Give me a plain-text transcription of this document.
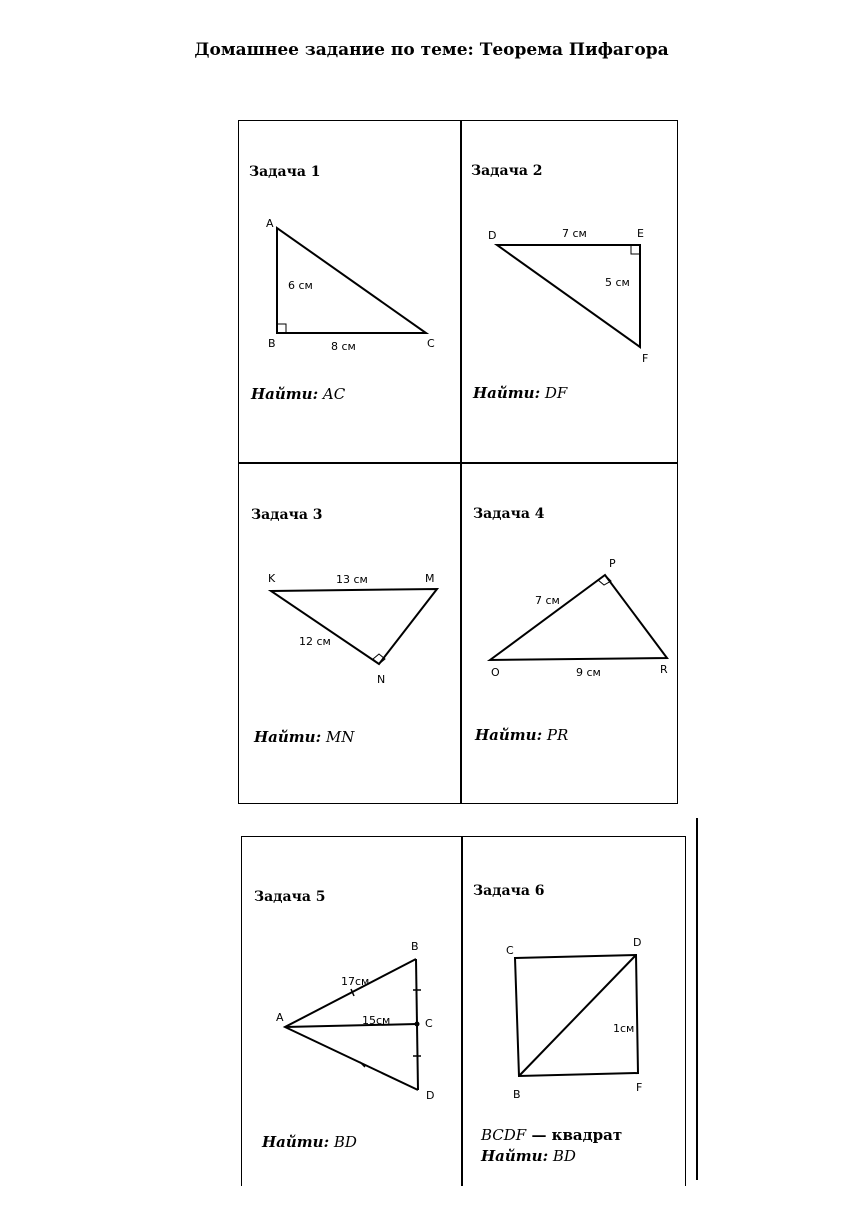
Домашнее задание по теме: Теорема Пифагора
Задача 1
Найти: AC
Задача 2
Найти: DF
Задача 3
Найти: MN
Задача 4
Найти: PR
Задача 5
Найти: BD
Задача 6
BCDF — квадрат
Найти: BD
A
B	C
D	E
F
K	M
N
P
O	R
A
B
C
D
C
D
B
F
6 см
8 см
7 см
5 см
13 см
12 см
7 см
9 см
17см
15см
1см
